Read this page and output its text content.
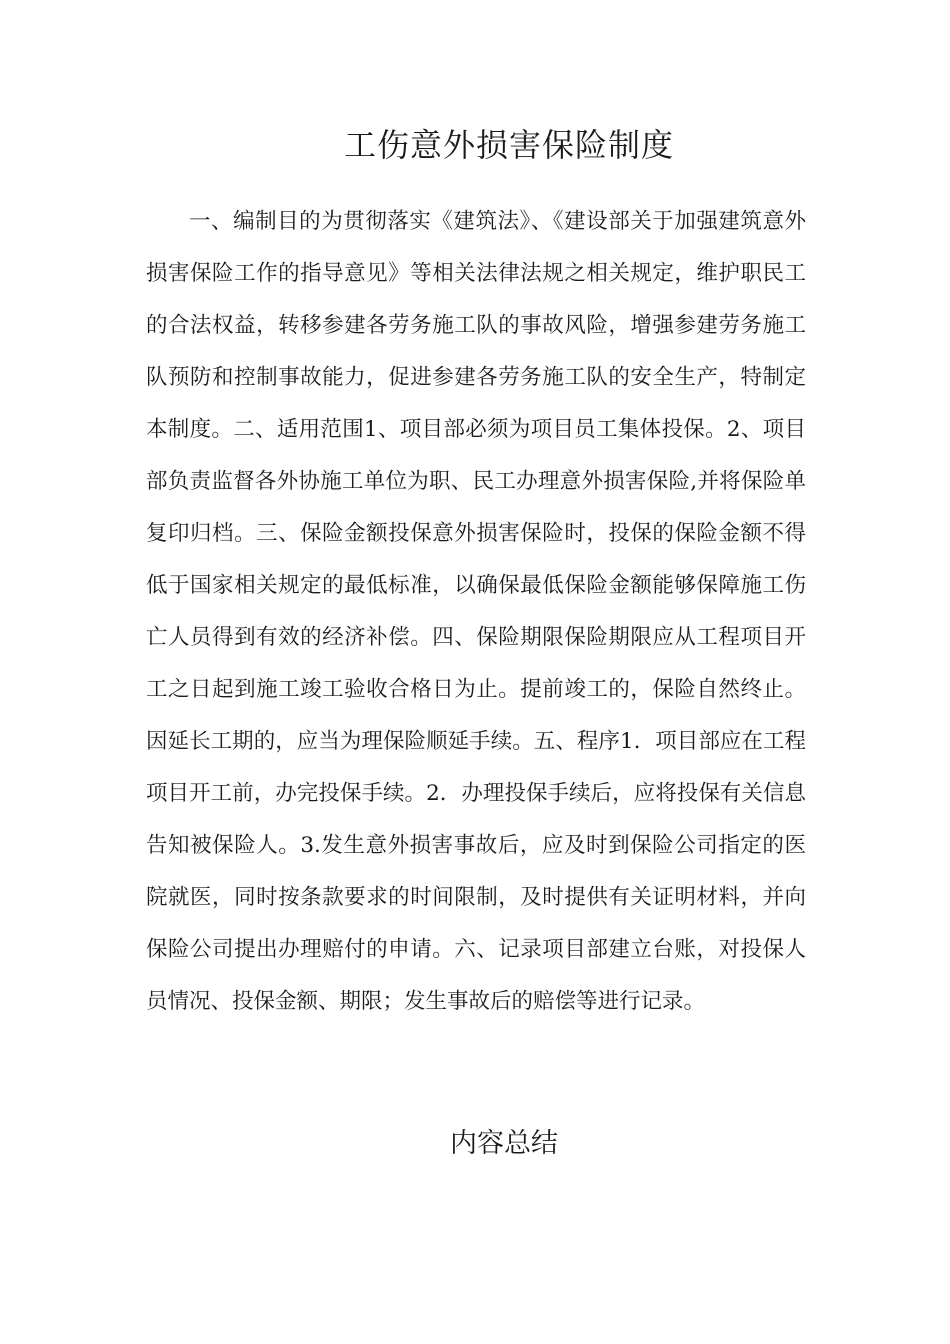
工伤意外损害保险制度

一、编制目的为贯彻落实《建筑法》、《建设部关于加强建筑意外损害保险工作的指导意见》等相关法律法规之相关规定，维护职民工的合法权益，转移参建各劳务施工队的事故风险，增强参建劳务施工队预防和控制事故能力，促进参建各劳务施工队的安全生产，特制定本制度。二、适用范围1、项目部必须为项目员工集体投保。2、项目部负责监督各外协施工单位为职、民工办理意外损害保险,并将保险单复印归档。三、保险金额投保意外损害保险时，投保的保险金额不得低于国家相关规定的最低标准，以确保最低保险金额能够保障施工伤亡人员得到有效的经济补偿。四、保险期限保险期限应从工程项目开工之日起到施工竣工验收合格日为止。提前竣工的，保险自然终止。因延长工期的，应当为理保险顺延手续。五、程序1．项目部应在工程项目开工前，办完投保手续。2．办理投保手续后，应将投保有关信息告知被保险人。3.发生意外损害事故后，应及时到保险公司指定的医院就医，同时按条款要求的时间限制，及时提供有关证明材料，并向保险公司提出办理赔付的申请。六、记录项目部建立台账，对投保人员情况、投保金额、期限；发生事故后的赔偿等进行记录。

内容总结
